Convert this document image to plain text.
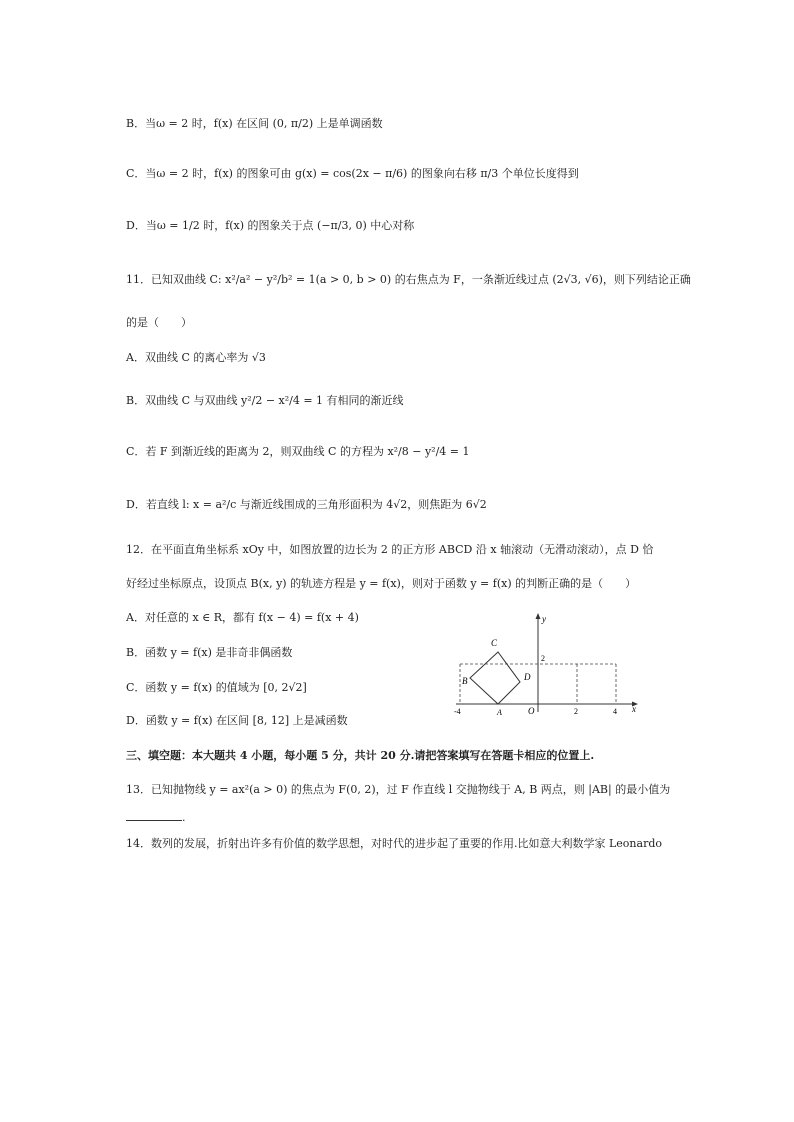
B．当ω = 2 时，f(x) 在区间 (0, π/2) 上是单调函数
C．当ω = 2 时，f(x) 的图象可由 g(x) = cos(2x − π/6) 的图象向右移 π/3 个单位长度得到
D．当ω = 1/2 时，f(x) 的图象关于点 (−π/3, 0) 中心对称
11．已知双曲线 C: x²/a² − y²/b² = 1(a > 0, b > 0) 的右焦点为 F，一条渐近线过点 (2√3, √6)，则下列结论正确
的是（　　）
A．双曲线 C 的离心率为 √3
B．双曲线 C 与双曲线 y²/2 − x²/4 = 1 有相同的渐近线
C．若 F 到渐近线的距离为 2，则双曲线 C 的方程为 x²/8 − y²/4 = 1
D．若直线 l: x = a²/c 与渐近线围成的三角形面积为 4√2，则焦距为 6√2
12．在平面直角坐标系 xOy 中，如图放置的边长为 2 的正方形 ABCD 沿 x 轴滚动（无滑动滚动），点 D 恰
好经过坐标原点，设顶点 B(x, y) 的轨迹方程是 y = f(x)，则对于函数 y = f(x) 的判断正确的是（　　）
A．对任意的 x ∈ R，都有 f(x − 4) = f(x + 4)
B．函数 y = f(x) 是非奇非偶函数
C．函数 y = f(x) 的值域为 [0, 2√2]
D．函数 y = f(x) 在区间 [8, 12] 上是减函数
x
y
O
C
B	D
A
-4	2	4
2
三、填空题：本大题共 4 小题，每小题 5 分，共计 20 分.请把答案填写在答题卡相应的位置上.
13．已知抛物线 y = ax²(a > 0) 的焦点为 F(0, 2)，过 F 作直线 l 交抛物线于 A, B 两点，则 |AB| 的最小值为
.
14．数列的发展，折射出许多有价值的数学思想，对时代的进步起了重要的作用.比如意大利数学家 Leonardo
